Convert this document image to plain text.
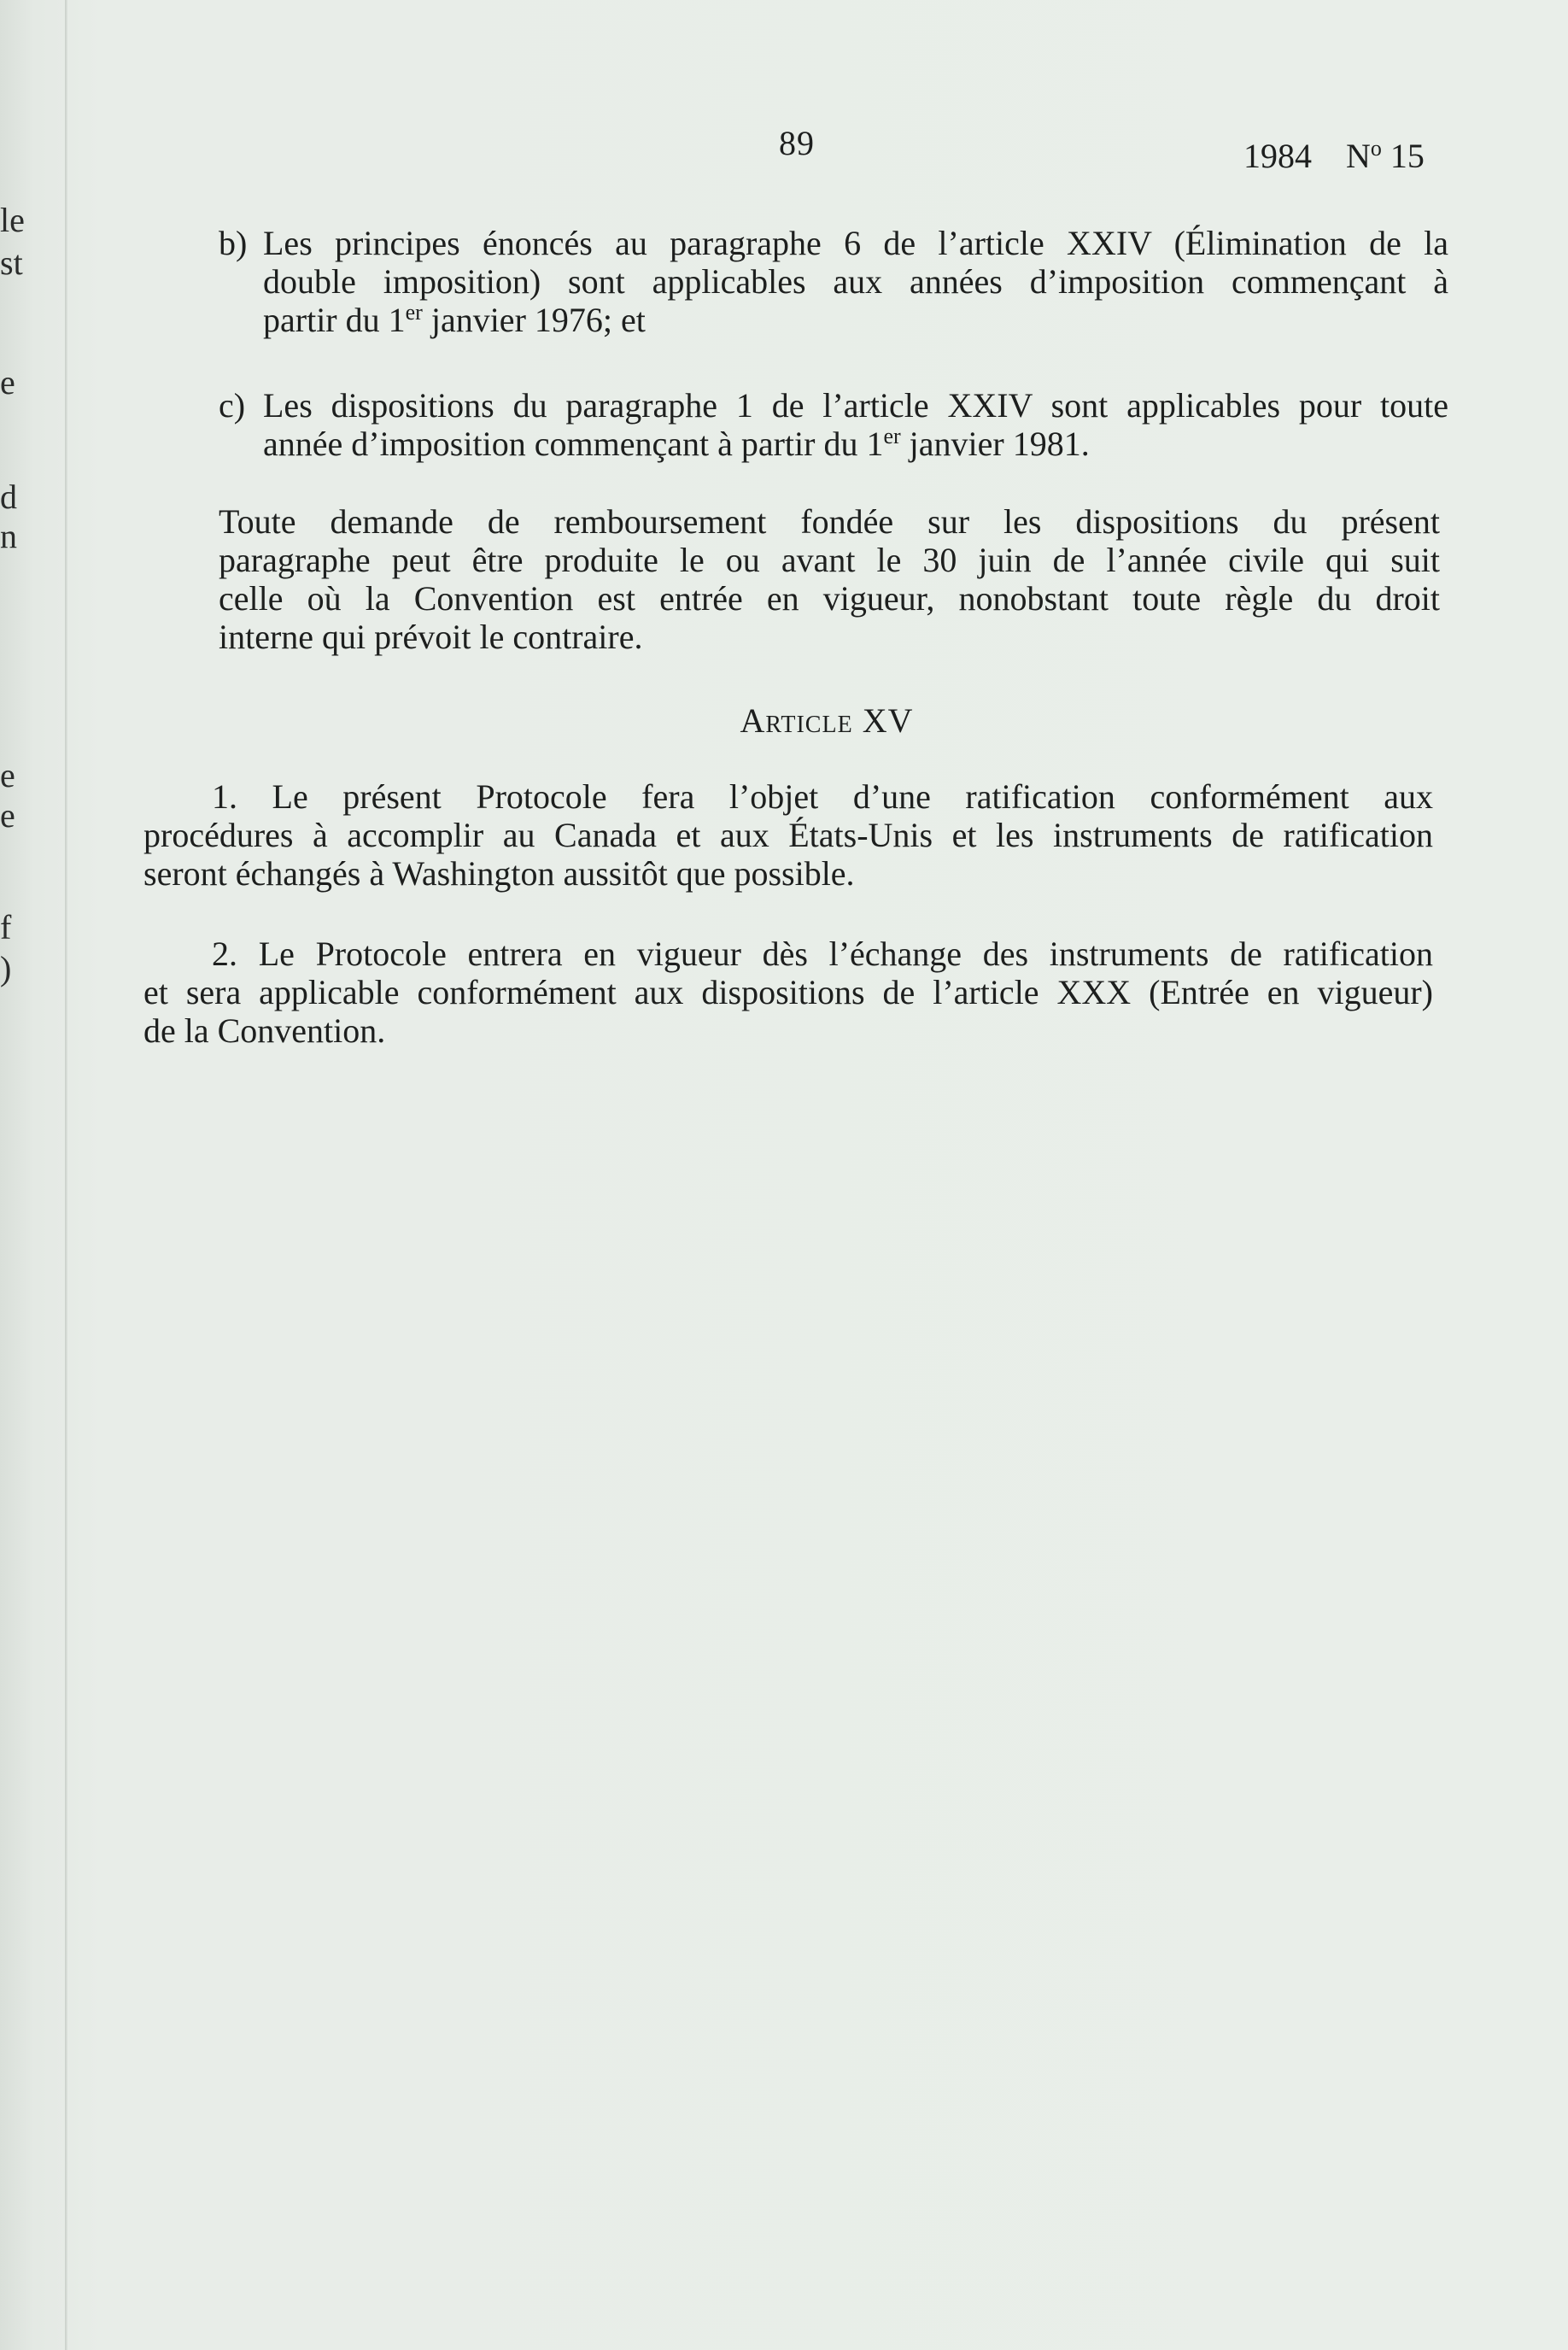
le
st
e
d
n
e
e
f
)
89	1984 $N^o$ 15
b) Les principes énoncés au paragraphe 6 de l’article XXIV (Élimination de la
double imposition) sont applicables aux années d’imposition commençant à
partir du 1er janvier 1976; et
c) Les dispositions du paragraphe 1 de l’article XXIV sont applicables pour toute
année d’imposition commençant à partir du 1er janvier 1981.
Toute demande de remboursement fondée sur les dispositions du présent
paragraphe peut être produite le ou avant le 30 juin de l’année civile qui suit
celle où la Convention est entrée en vigueur, nonobstant toute règle du droit
interne qui prévoit le contraire.
Article XV
1. Le présent Protocole fera l’objet d’une ratification conformément aux
procédures à accomplir au Canada et aux États-Unis et les instruments de ratification
seront échangés à Washington aussitôt que possible.
2. Le Protocole entrera en vigueur dès l’échange des instruments de ratification
et sera applicable conformément aux dispositions de l’article XXX (Entrée en vigueur)
de la Convention.
